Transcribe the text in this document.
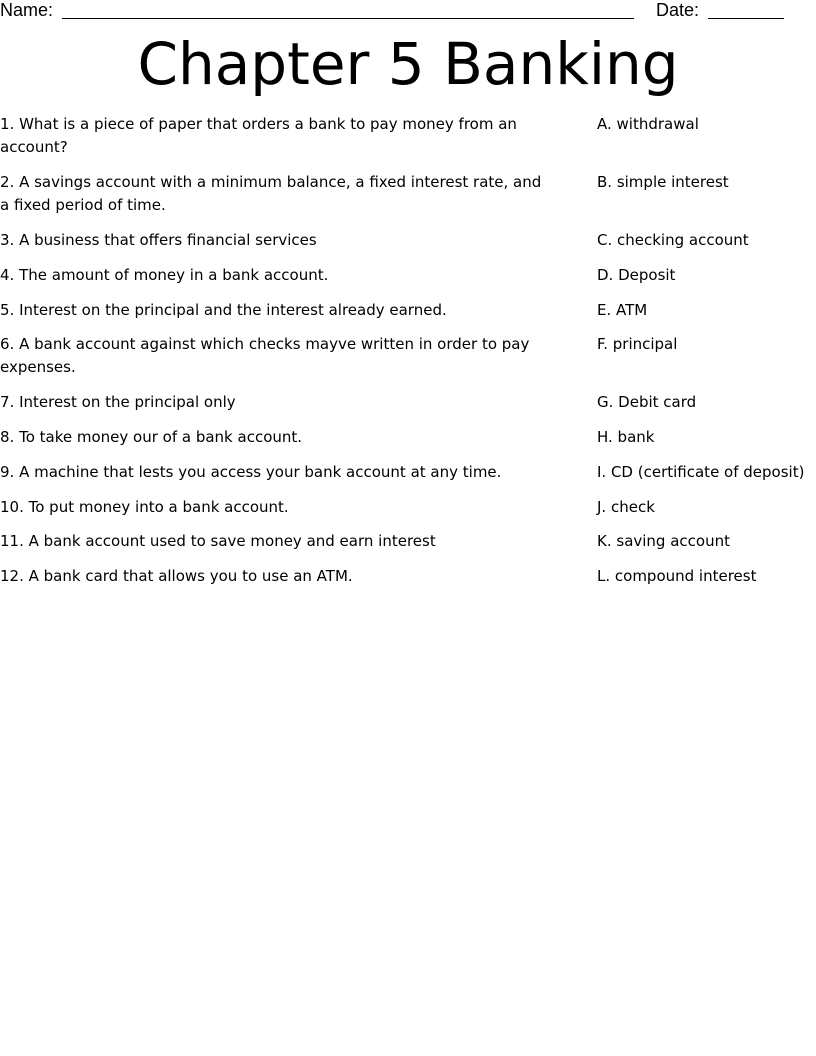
Name:	Date:
Chapter 5 Banking
1. What is a piece of paper that orders a bank to pay money from an account?
2. A savings account with a minimum balance, a fixed interest rate, and a fixed period of time.
3. A business that offers financial services
4. The amount of money in a bank account.
5. Interest on the principal and the interest already earned.
6. A bank account against which checks mayve written in order to pay expenses.
7. Interest on the principal only
8. To take money our of a bank account.
9. A machine that lests you access your bank account at any time.
10. To put money into a bank account.
11. A bank account used to save money and earn interest
12. A bank card that allows you to use an ATM.
A. withdrawal
B. simple interest
C. checking account
D. Deposit
E. ATM
F. principal
G. Debit card
H. bank
I. CD (certificate of deposit)
J. check
K. saving account
L. compound interest
